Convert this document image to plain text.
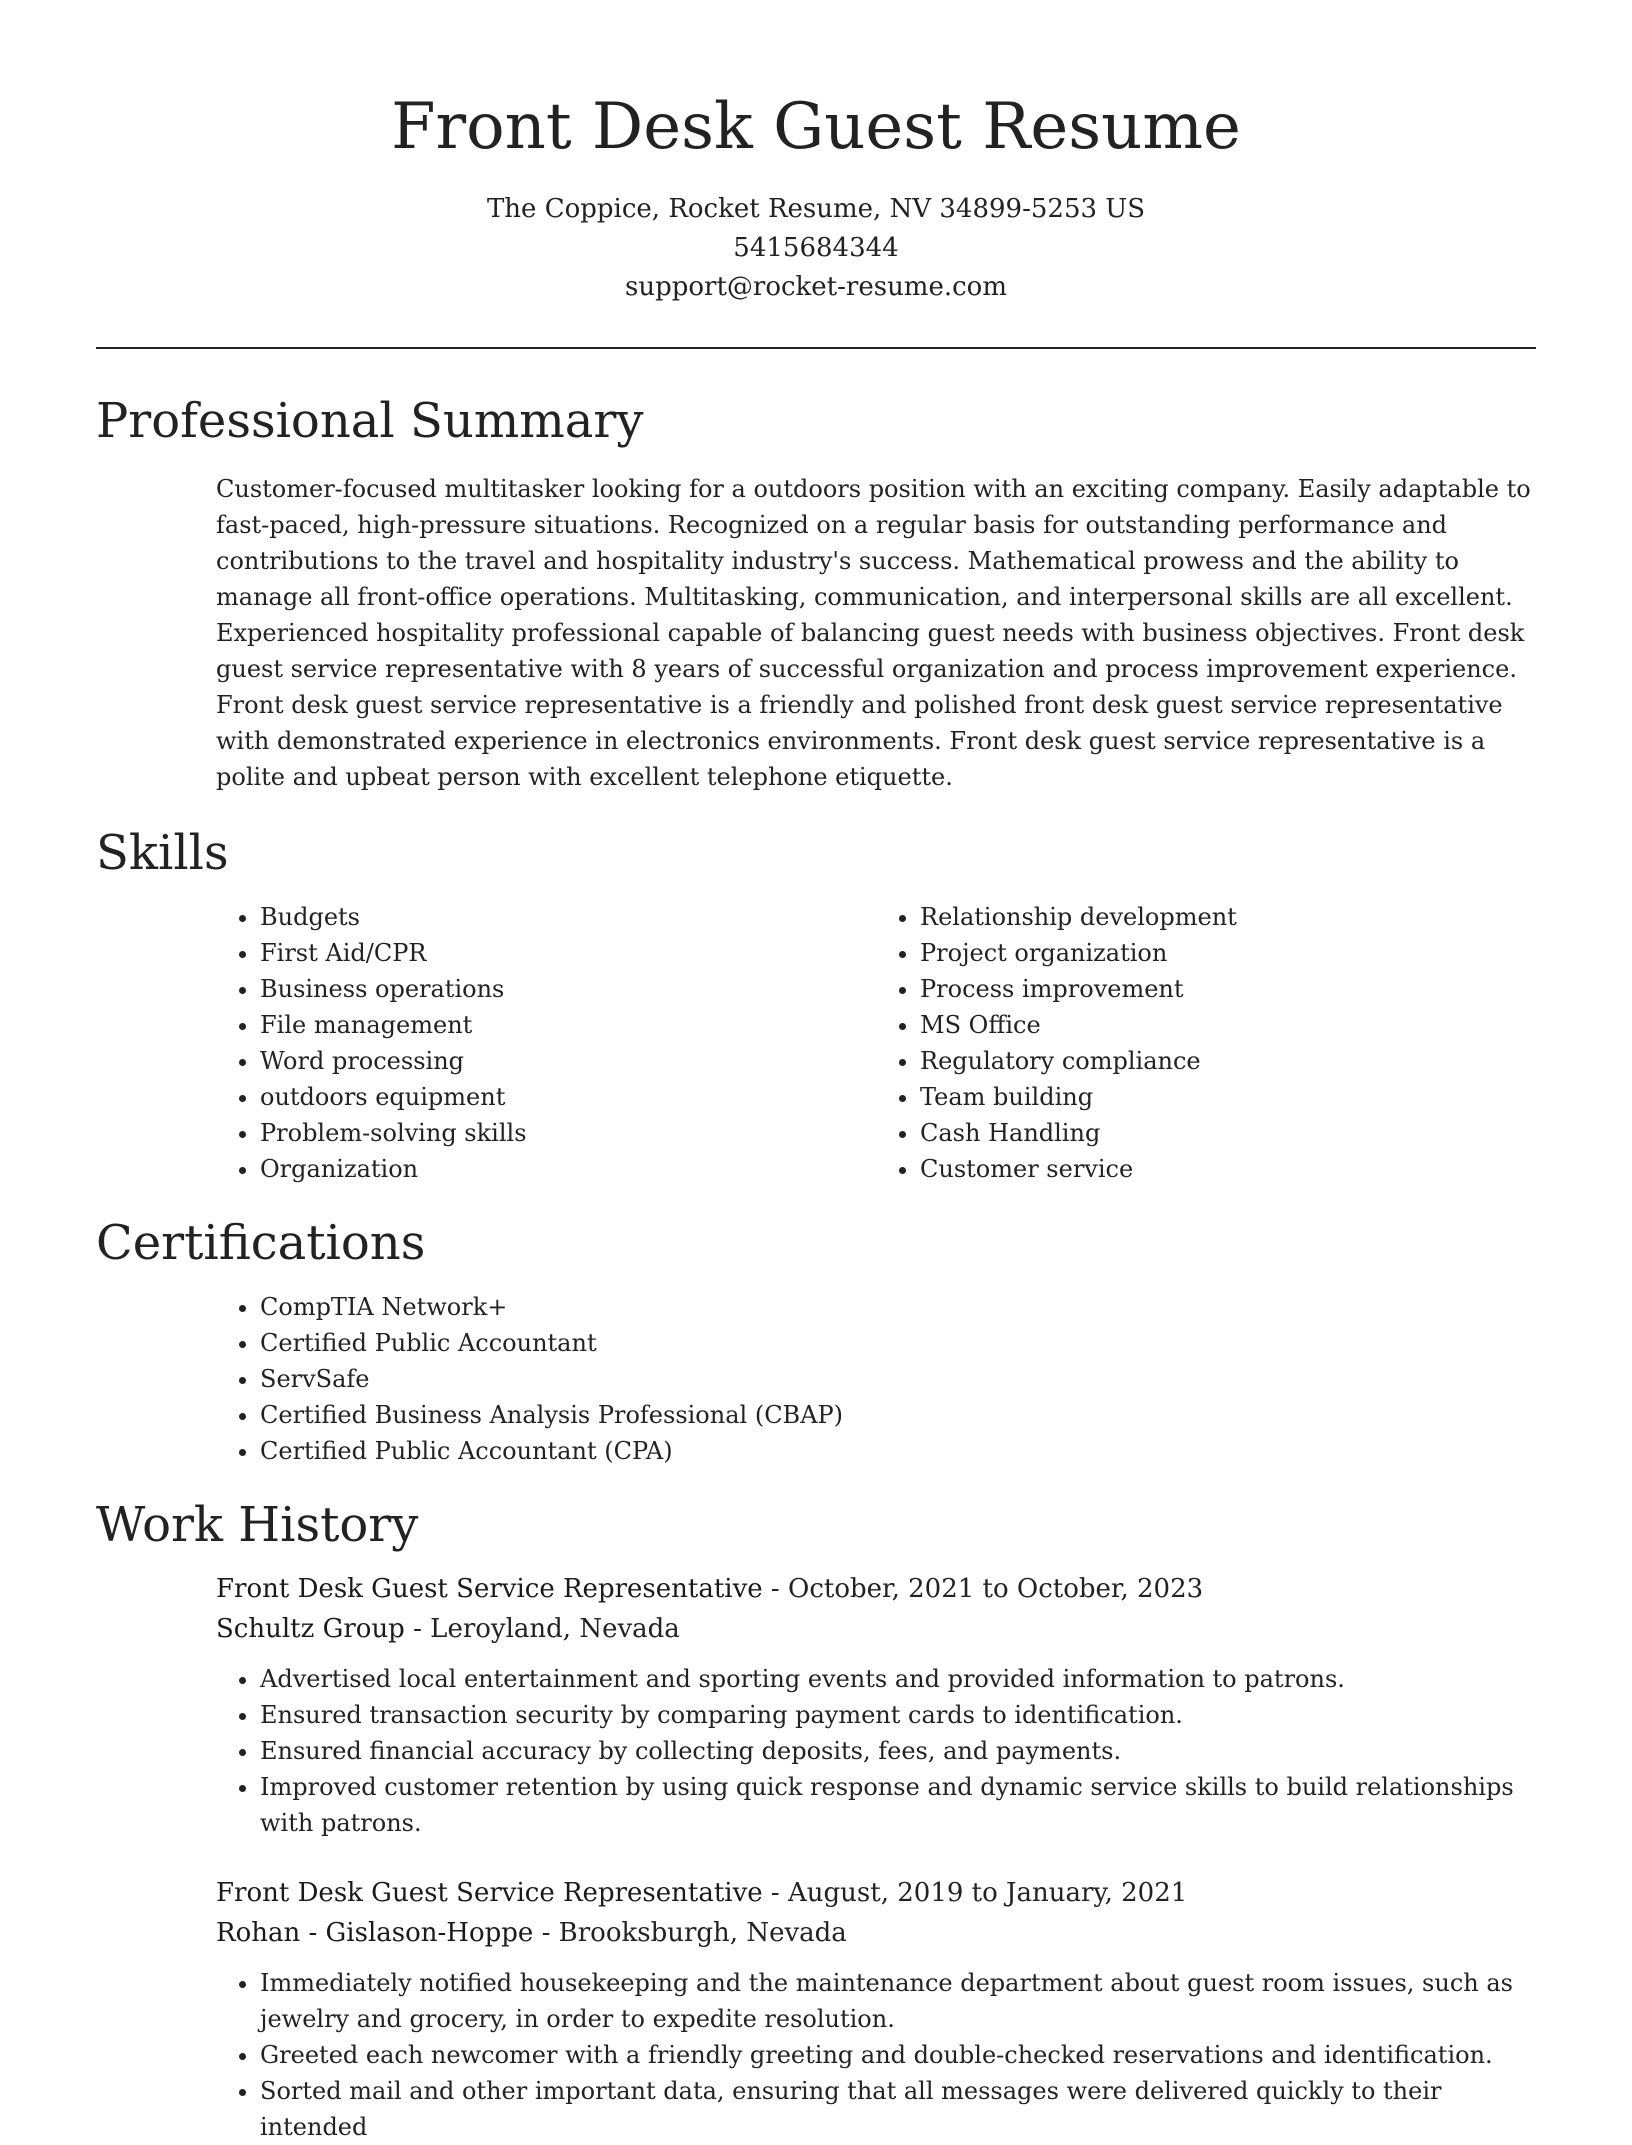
Front Desk Guest Resume
The Coppice, Rocket Resume, NV 34899-5253 US
5415684344
support@rocket-resume.com
Professional Summary

Customer-focused multitasker looking for a outdoors position with an exciting company. Easily adaptable to fast-paced, high-pressure situations. Recognized on a regular basis for outstanding performance and contributions to the travel and hospitality industry's success. Mathematical prowess and the ability to manage all front-office operations. Multitasking, communication, and interpersonal skills are all excellent. Experienced hospitality professional capable of balancing guest needs with business objectives. Front desk guest service representative with 8 years of successful organization and process improvement experience. Front desk guest service representative is a friendly and polished front desk guest service representative with demonstrated experience in electronics environments. Front desk guest service representative is a polite and upbeat person with excellent telephone etiquette.

Skills
• Budgets
• First Aid/CPR
• Business operations
• File management
• Word processing
• outdoors equipment
• Problem-solving skills
• Organization
• Relationship development
• Project organization
• Process improvement
• MS Office
• Regulatory compliance
• Team building
• Cash Handling
• Customer service
Certifications
• CompTIA Network+
• Certified Public Accountant
• ServSafe
• Certified Business Analysis Professional (CBAP)
• Certified Public Accountant (CPA)
Work History
Front Desk Guest Service Representative - October, 2021 to October, 2023
Schultz Group - Leroyland, Nevada
• Advertised local entertainment and sporting events and provided information to patrons.
• Ensured transaction security by comparing payment cards to identification.
• Ensured financial accuracy by collecting deposits, fees, and payments.
• Improved customer retention by using quick response and dynamic service skills to build relationships with patrons.
Front Desk Guest Service Representative - August, 2019 to January, 2021
Rohan - Gislason-Hoppe - Brooksburgh, Nevada
• Immediately notified housekeeping and the maintenance department about guest room issues, such as jewelry and grocery, in order to expedite resolution.
• Greeted each newcomer with a friendly greeting and double-checked reservations and identification.
• Sorted mail and other important data, ensuring that all messages were delivered quickly to their intended
